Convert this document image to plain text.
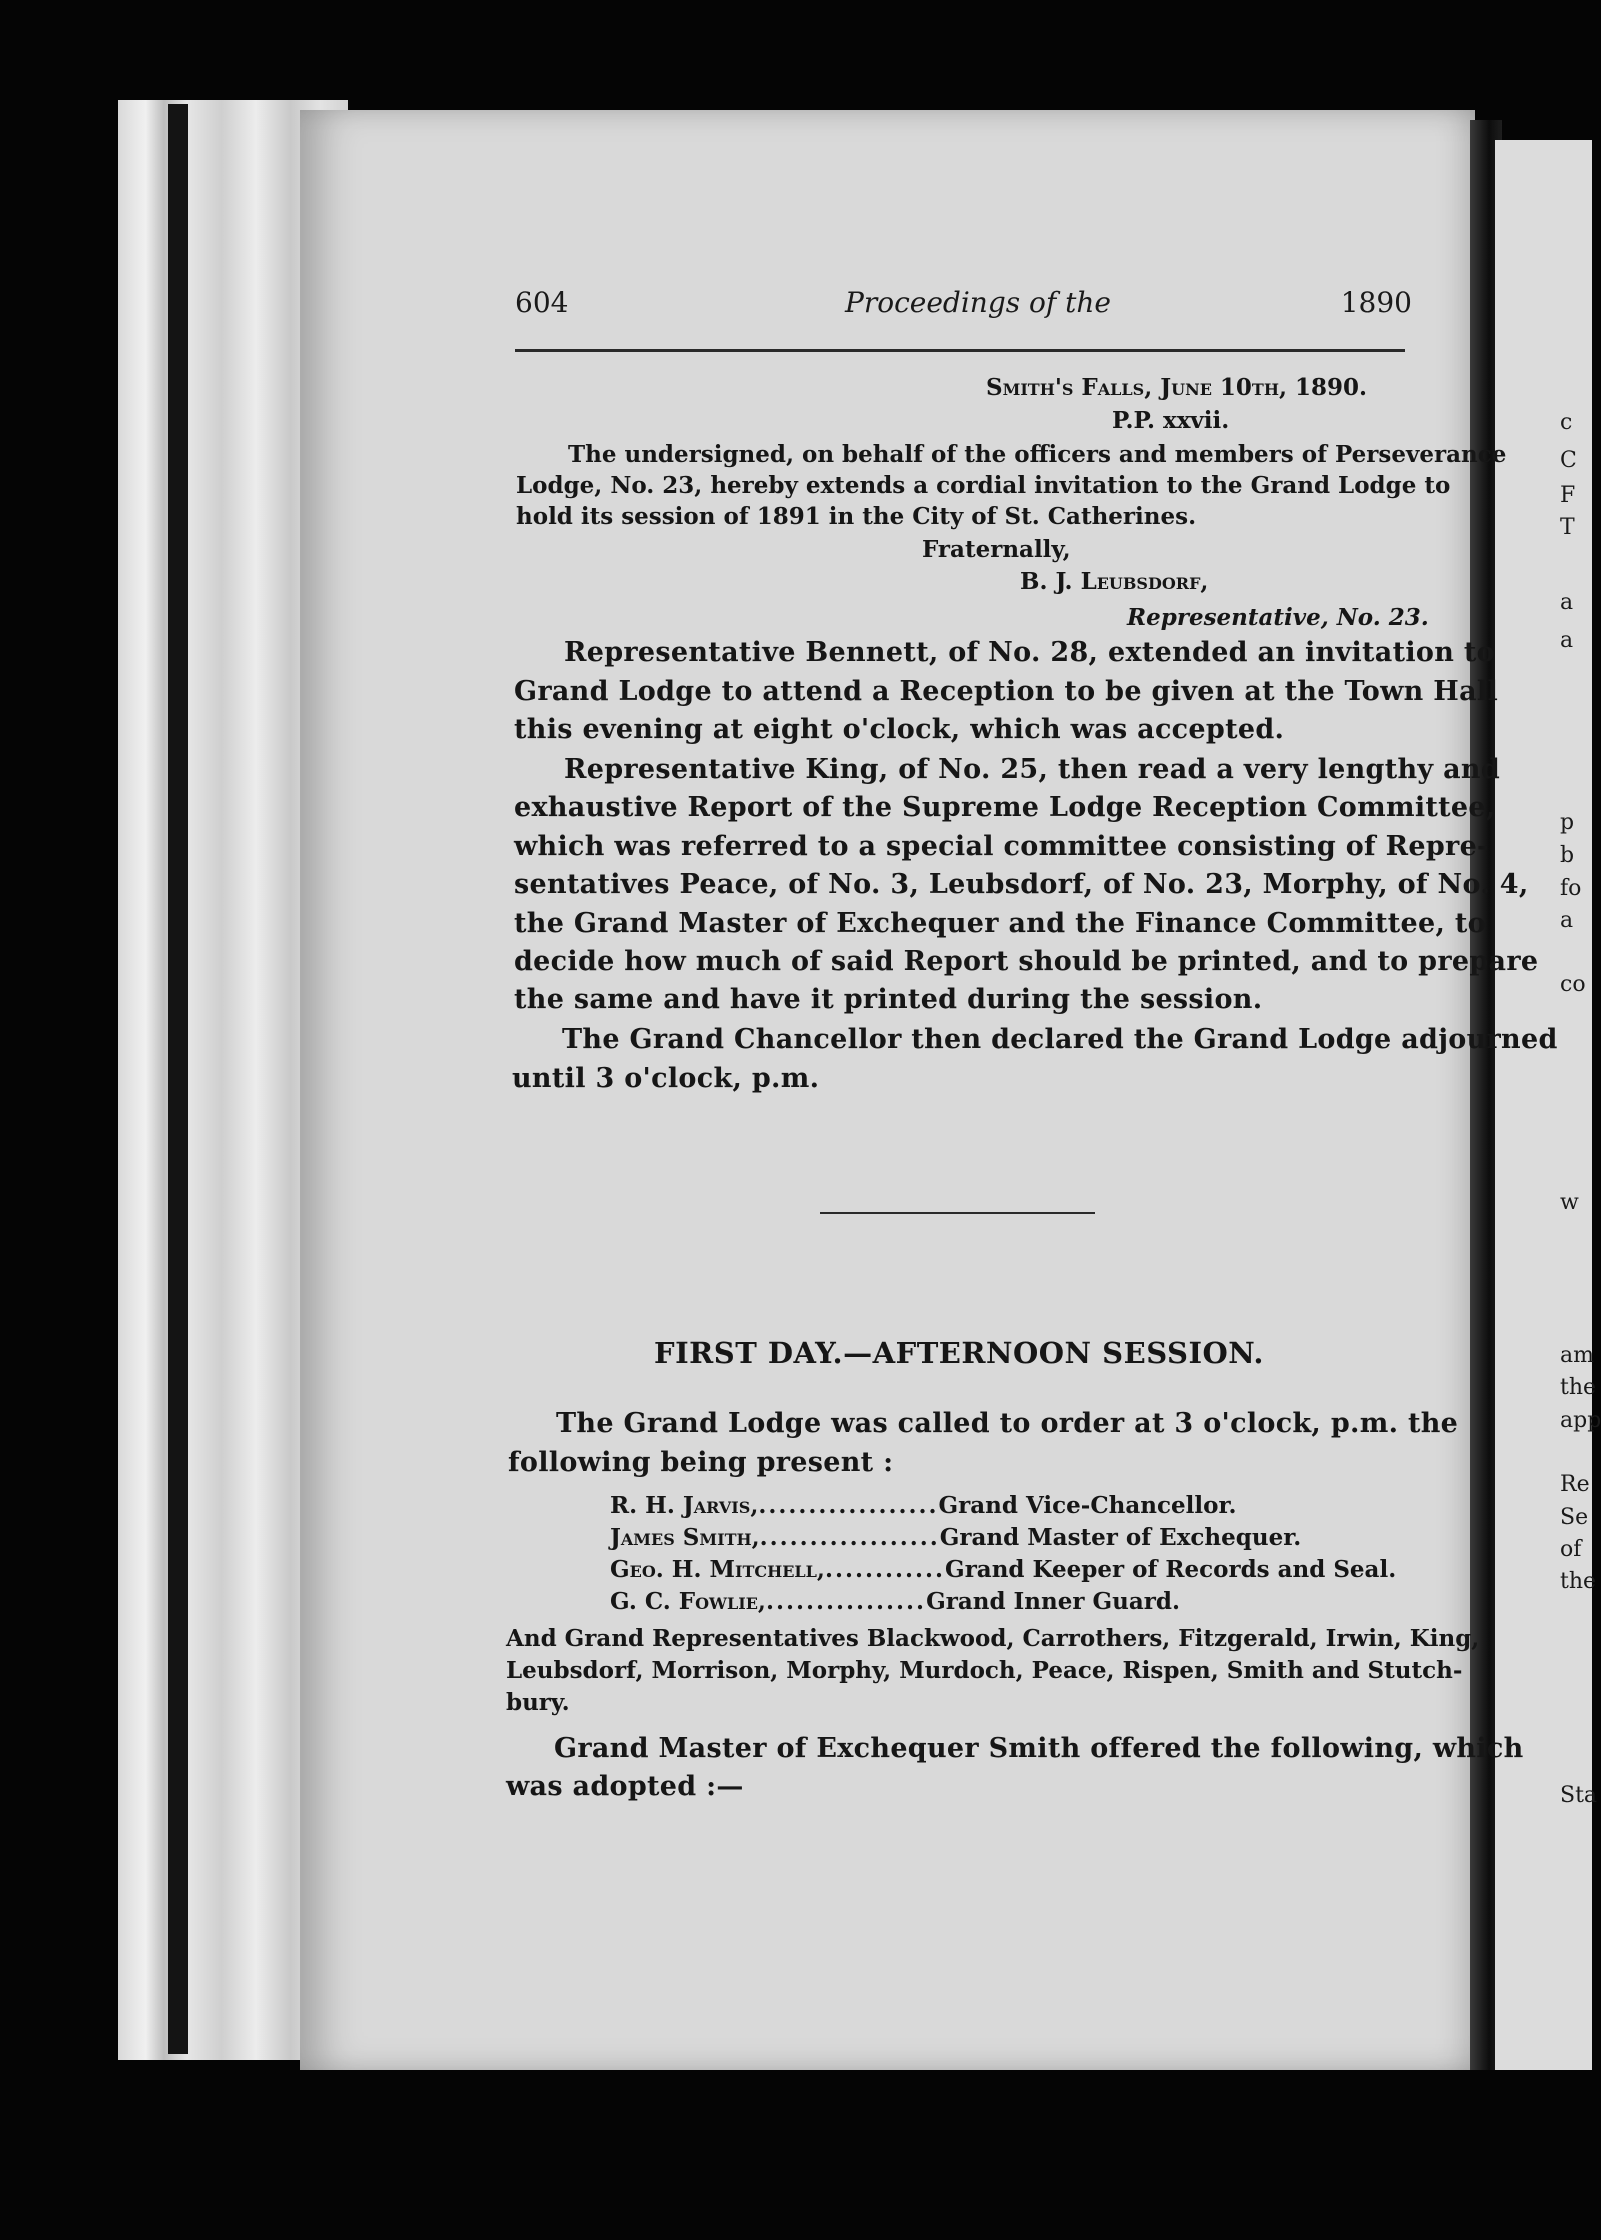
c
C
F
T
a
a
p
b
fo
a
co
w
am
the
app
Re
Se
of
the
Sta
604	Proceedings of the	1890
Smith's Falls, June 10th, 1890.
P.P. xxvii.
The undersigned, on behalf of the officers and members of Perseverance
Lodge, No. 23, hereby extends a cordial invitation to the Grand Lodge to
hold its session of 1891 in the City of St. Catherines.
Fraternally,
B. J. Leubsdorf,
Representative, No. 23.
Representative Bennett, of No. 28, extended an invitation to
Grand Lodge to attend a Reception to be given at the Town Hall
this evening at eight o'clock, which was accepted.
Representative King, of No. 25, then read a very lengthy and
exhaustive Report of the Supreme Lodge Reception Committee,
which was referred to a special committee consisting of Repre-
sentatives Peace, of No. 3, Leubsdorf, of No. 23, Morphy, of No. 4,
the Grand Master of Exchequer and the Finance Committee, to
decide how much of said Report should be printed, and to prepare
the same and have it printed during the session.
The Grand Chancellor then declared the Grand Lodge adjourned
until 3 o'clock, p.m.
FIRST DAY.—AFTERNOON SESSION.
The Grand Lodge was called to order at 3 o'clock, p.m. the
following being present :
R. H. Jarvis,..................Grand Vice-Chancellor.
James Smith,..................Grand Master of Exchequer.
Geo. H. Mitchell,............Grand Keeper of Records and Seal.
G. C. Fowlie,................Grand Inner Guard.
And Grand Representatives Blackwood, Carrothers, Fitzgerald, Irwin, King,
Leubsdorf, Morrison, Morphy, Murdoch, Peace, Rispen, Smith and Stutch-
bury.
Grand Master of Exchequer Smith offered the following, which
was adopted :—
